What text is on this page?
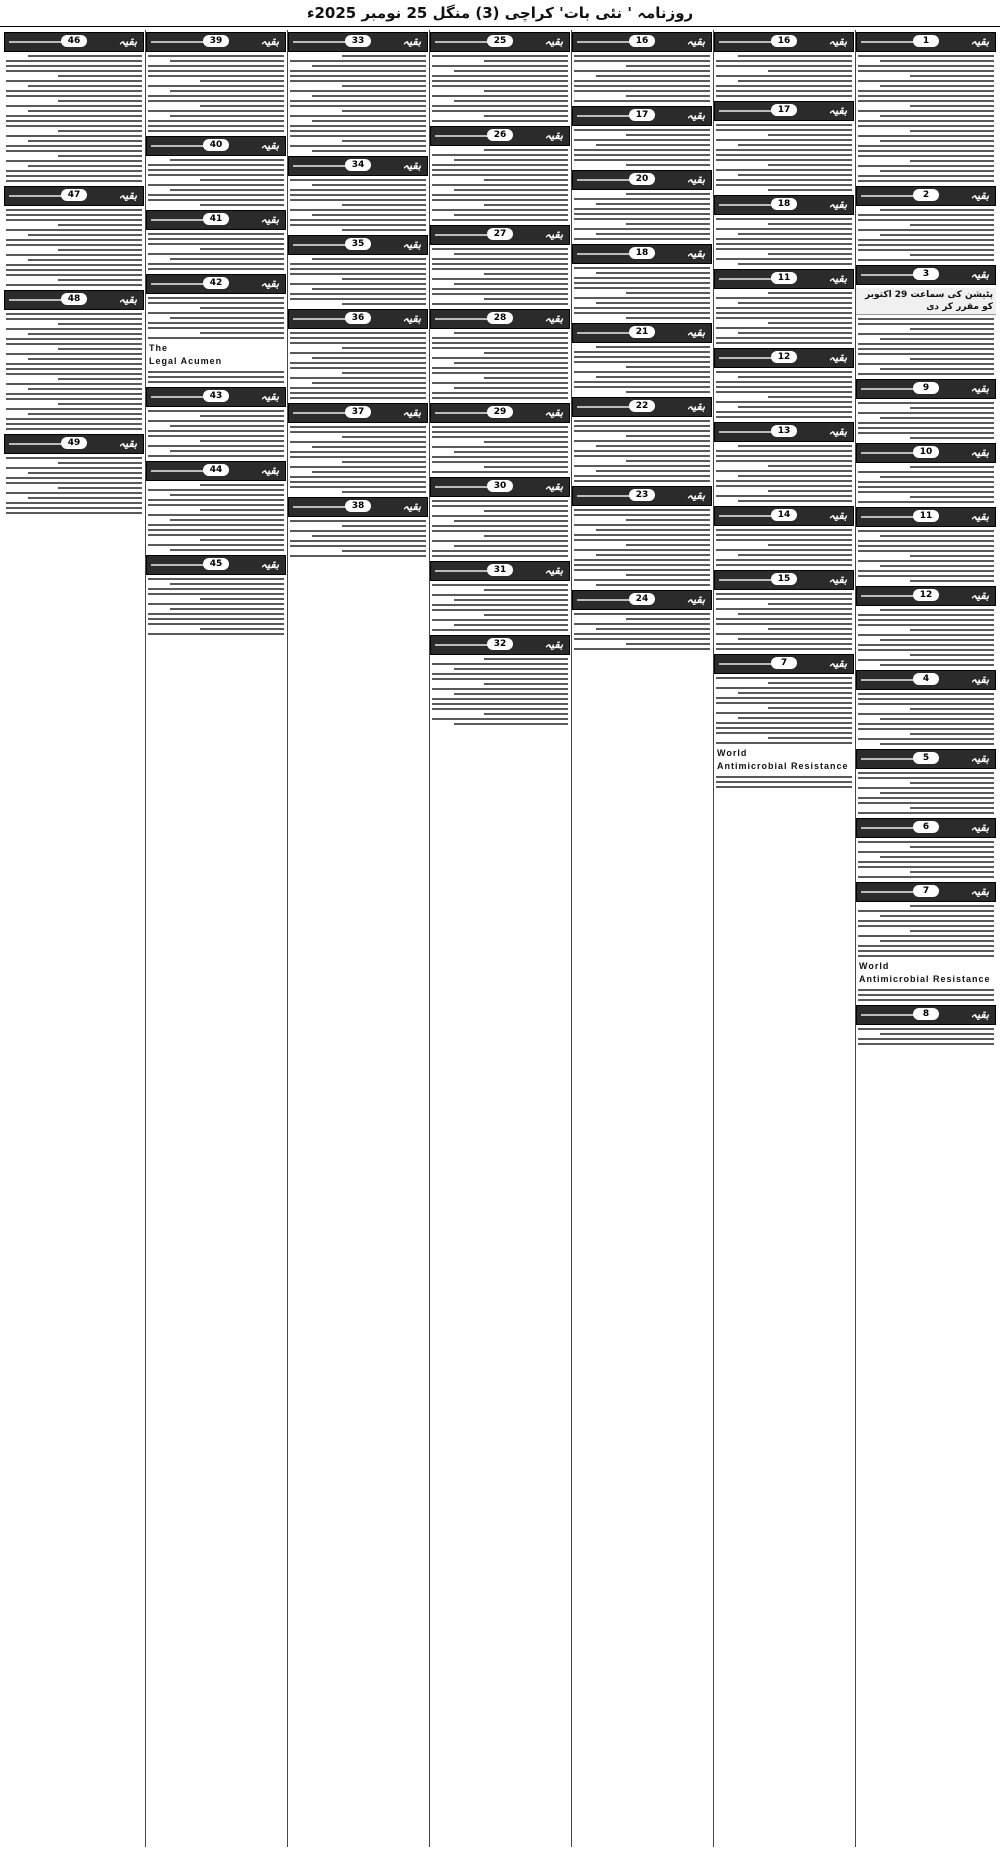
روزنامہ ' نئی بات' کراچی (3) منگل 25 نومبر 2025ء
بقیہ
1
بقیہ
2
بقیہ
3
پٹیشن کی سماعت 29 اکتوبر کو مقرر کر دی
بقیہ
9
بقیہ
10
بقیہ
11
بقیہ
12
بقیہ
4
بقیہ
5
بقیہ
6
بقیہ
7
World
Antimicrobial Resistance
بقیہ
8
بقیہ
16
بقیہ
17
بقیہ
18
بقیہ
11
بقیہ
12
بقیہ
13
بقیہ
14
بقیہ
15
بقیہ
7
World
Antimicrobial Resistance
بقیہ
16
بقیہ
17
بقیہ
20
بقیہ
18
بقیہ
21
بقیہ
22
بقیہ
23
بقیہ
24
بقیہ
25
بقیہ
26
بقیہ
27
بقیہ
28
بقیہ
29
بقیہ
30
بقیہ
31
بقیہ
32
بقیہ
33
بقیہ
34
بقیہ
35
بقیہ
36
بقیہ
37
بقیہ
38
بقیہ
39
بقیہ
40
بقیہ
41
بقیہ
42
The
Legal Acumen
بقیہ
43
بقیہ
44
بقیہ
45
بقیہ
46
بقیہ
47
بقیہ
48
بقیہ
49
